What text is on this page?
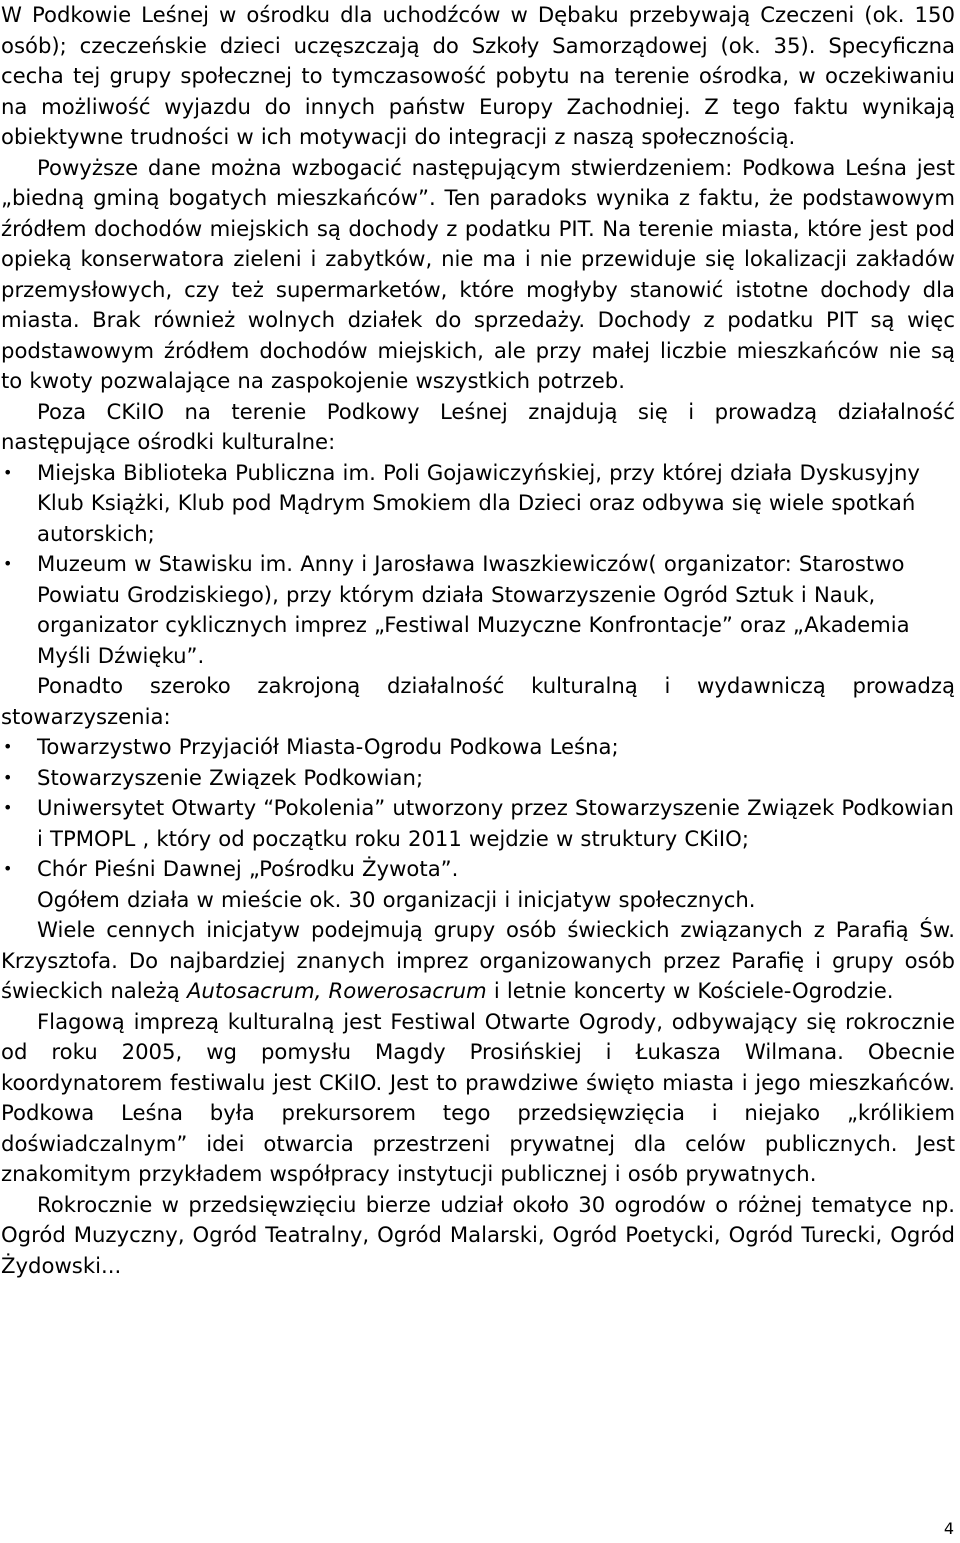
W Podkowie Leśnej w ośrodku dla uchodźców w Dębaku przebywają Czeczeni (ok. 150 osób); czeczeńskie dzieci uczęszczają do Szkoły Samorządowej (ok. 35). Specyficzna cecha tej grupy społecznej to tymczasowość pobytu na terenie ośrodka, w oczekiwaniu na możliwość wyjazdu do innych państw Europy Zachodniej. Z tego faktu wynikają obiektywne trudności w ich motywacji do integracji z naszą społecznością.

Powyższe dane można wzbogacić następującym stwierdzeniem: Podkowa Leśna jest „biedną gminą bogatych mieszkańców”. Ten paradoks wynika z faktu, że podstawowym źródłem dochodów miejskich są dochody z podatku PIT. Na terenie miasta, które jest pod opieką konserwatora zieleni i zabytków, nie ma i nie przewiduje się lokalizacji zakładów przemysłowych, czy też supermarketów, które mogłyby stanowić istotne dochody dla miasta. Brak również wolnych działek do sprzedaży. Dochody z podatku PIT są więc podstawowym źródłem dochodów miejskich, ale przy małej liczbie mieszkańców nie są to kwoty pozwalające na zaspokojenie wszystkich potrzeb.

Poza CKiIO na terenie Podkowy Leśnej znajdują się i prowadzą działalność następujące ośrodki kulturalne:

• Miejska Biblioteka Publiczna im. Poli Gojawiczyńskiej, przy której działa Dyskusyjny Klub Książki, Klub pod Mądrym Smokiem dla Dzieci oraz odbywa się wiele spotkań autorskich;
• Muzeum w Stawisku im. Anny i Jarosława Iwaszkiewiczów( organizator: Starostwo Powiatu Grodziskiego), przy którym działa Stowarzyszenie Ogród Sztuk i Nauk, organizator cyklicznych imprez „Festiwal Muzyczne Konfrontacje” oraz „Akademia Myśli Dźwięku”.

Ponadto szeroko zakrojoną działalność kulturalną i wydawniczą prowadzą stowarzyszenia:

• Towarzystwo Przyjaciół Miasta-Ogrodu Podkowa Leśna;
• Stowarzyszenie Związek Podkowian;
• Uniwersytet Otwarty “Pokolenia” utworzony przez Stowarzyszenie Związek Podkowian i TPMOPL , który od początku roku 2011 wejdzie w struktury CKiIO;
• Chór Pieśni Dawnej „Pośrodku Żywota”.

Ogółem działa w mieście ok. 30 organizacji i inicjatyw społecznych.

Wiele cennych inicjatyw podejmują grupy osób świeckich związanych z Parafią Św. Krzysztofa. Do najbardziej znanych imprez organizowanych przez Parafię i grupy osób świeckich należą Autosacrum, Rowerosacrum i letnie koncerty w Kościele-Ogrodzie.

Flagową imprezą kulturalną jest Festiwal Otwarte Ogrody, odbywający się rokrocznie od roku 2005, wg pomysłu Magdy Prosińskiej i Łukasza Wilmana. Obecnie koordynatorem festiwalu jest CKiIO. Jest to prawdziwe święto miasta i jego mieszkańców. Podkowa Leśna była prekursorem tego przedsięwzięcia i niejako „królikiem doświadczalnym” idei otwarcia przestrzeni prywatnej dla celów publicznych. Jest znakomitym przykładem współpracy instytucji publicznej i osób prywatnych.

Rokrocznie w przedsięwzięciu bierze udział około 30 ogrodów o różnej tematyce np. Ogród Muzyczny, Ogród Teatralny, Ogród Malarski, Ogród Poetycki, Ogród Turecki, Ogród Żydowski...

4
